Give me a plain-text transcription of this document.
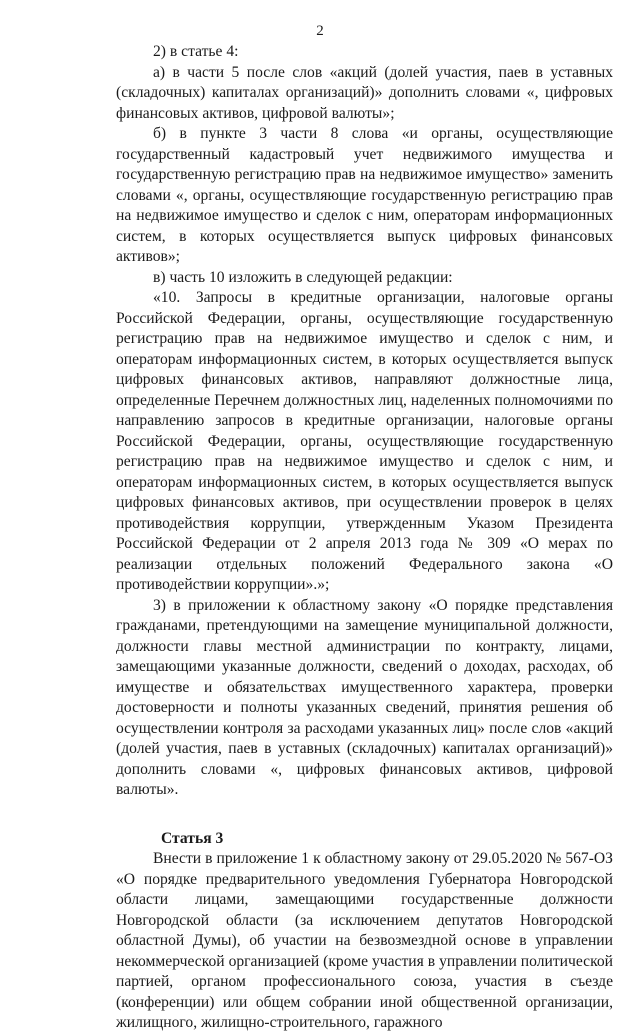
2

2) в статье 4:

а) в части 5 после слов «акций (долей участия, паев в уставных (складочных) капиталах организаций)» дополнить словами «, цифровых финансовых активов, цифровой валюты»;

б) в пункте 3 части 8 слова «и органы, осуществляющие государственный кадастровый учет недвижимого имущества и государственную регистрацию прав на недвижимое имущество» заменить словами «, органы, осуществляющие государственную регистрацию прав на недвижимое имущество и сделок с ним, операторам информационных систем, в которых осуществляется выпуск цифровых финансовых активов»;

в) часть 10 изложить в следующей редакции:

«10. Запросы в кредитные организации, налоговые органы Российской Федерации, органы, осуществляющие государственную регистрацию прав на недвижимое имущество и сделок с ним, и операторам информационных систем, в которых осуществляется выпуск цифровых финансовых активов, направляют должностные лица, определенные Перечнем должностных лиц, наделенных полномочиями по направлению запросов в кредитные организации, налоговые органы Российской Федерации, органы, осуществляющие государственную регистрацию прав на недвижимое имущество и сделок с ним, и операторам информационных систем, в которых осуществляется выпуск цифровых финансовых активов, при осуществлении проверок в целях противодействия коррупции, утвержденным Указом Президента Российской Федерации от 2 апреля 2013 года № 309 «О мерах по реализации отдельных положений Федерального закона «О противодействии коррупции».»;

3) в приложении к областному закону «О порядке представления гражданами, претендующими на замещение муниципальной должности, должности главы местной администрации по контракту, лицами, замещающими указанные должности, сведений о доходах, расходах, об имуществе и обязательствах имущественного характера, проверки достоверности и полноты указанных сведений, принятия решения об осуществлении контроля за расходами указанных лиц» после слов «акций (долей участия, паев в уставных (складочных) капиталах организаций)» дополнить словами «, цифровых финансовых активов, цифровой валюты».

Статья 3

Внести в приложение 1 к областному закону от 29.05.2020 № 567-ОЗ «О порядке предварительного уведомления Губернатора Новгородской области лицами, замещающими государственные должности Новгородской области (за исключением депутатов Новгородской областной Думы), об участии на безвозмездной основе в управлении некоммерческой организацией (кроме участия в управлении политической партией, органом профессионального союза, участия в съезде (конференции) или общем собрании иной общественной организации, жилищного, жилищно-строительного, гаражного
